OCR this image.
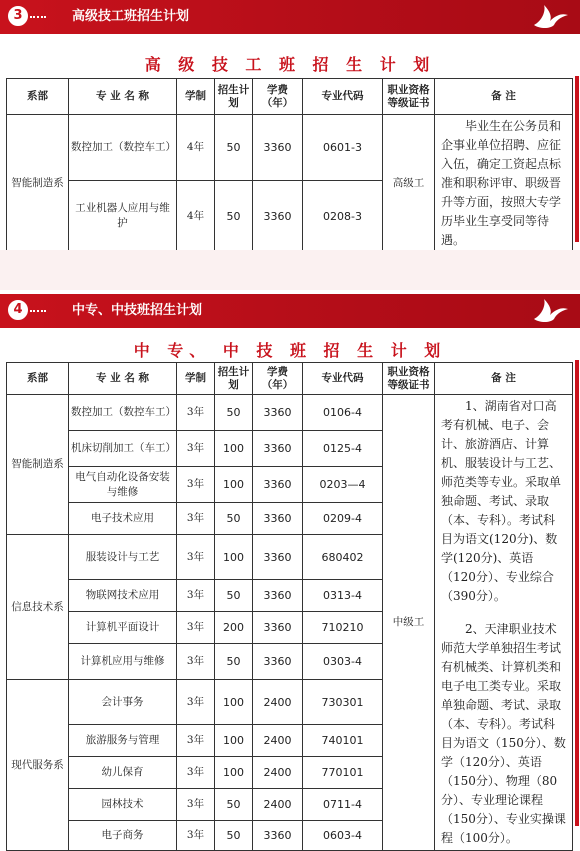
3	高级技工班招生计划
高 级 技 工 班 招 生 计 划
系部	专 业 名 称	学制	招生计划	学费（年）	专业代码	职业资格等级证书	备 注
智能制造系	数控加工（数控车工）	4年	50	3360	0601-3	高级工	毕业生在公务员和企事业单位招聘、应征入伍，确定工资起点标准和职称评审、职级晋升等方面，按照大专学历毕业生享受同等待遇。

	工业机器人应用与维护	4年	50	3360	0208-3		
4	中专、中技班招生计划
中 专、 中 技 班 招 生 计 划
系部	专 业 名 称	学制	招生计划	学费（年）	专业代码	职业资格等级证书	备 注
智能制造系	数控加工（数控车工）	3年	50	3360	0106-4	中级工	1、湖南省对口高考有机械、电子、会计、旅游酒店、计算机、服装设计与工艺、师范类等专业。采取单独命题、考试、录取（本、专科）。考试科目为语文(120分)、数学(120分)、英语（120分）、专业综合（390分）。
2、天津职业技术师范大学单独招生考试有机械类、计算机类和电子电工类专业。采取单独命题、考试、录取（本、专科）。考试科目为语文（150分）、数学（120分）、英语（150分）、物理（80分）、专业理论课程（150分）、专业实操课程（100分）。

	机床切削加工（车工）	3年	100	3360	0125-4		
	电气自动化设备安装与维修	3年	100	3360	0203—4		
	电子技术应用	3年	50	3360	0209-4		
信息技术系	服装设计与工艺	3年	100	3360	680402		
	物联网技术应用	3年	50	3360	0313-4		
	计算机平面设计	3年	200	3360	710210		
	计算机应用与维修	3年	50	3360	0303-4		
现代服务系	会计事务	3年	100	2400	730301		
	旅游服务与管理	3年	100	2400	740101		
	幼儿保育	3年	100	2400	770101		
	园林技术	3年	50	2400	0711-4		
	电子商务	3年	50	3360	0603-4		
